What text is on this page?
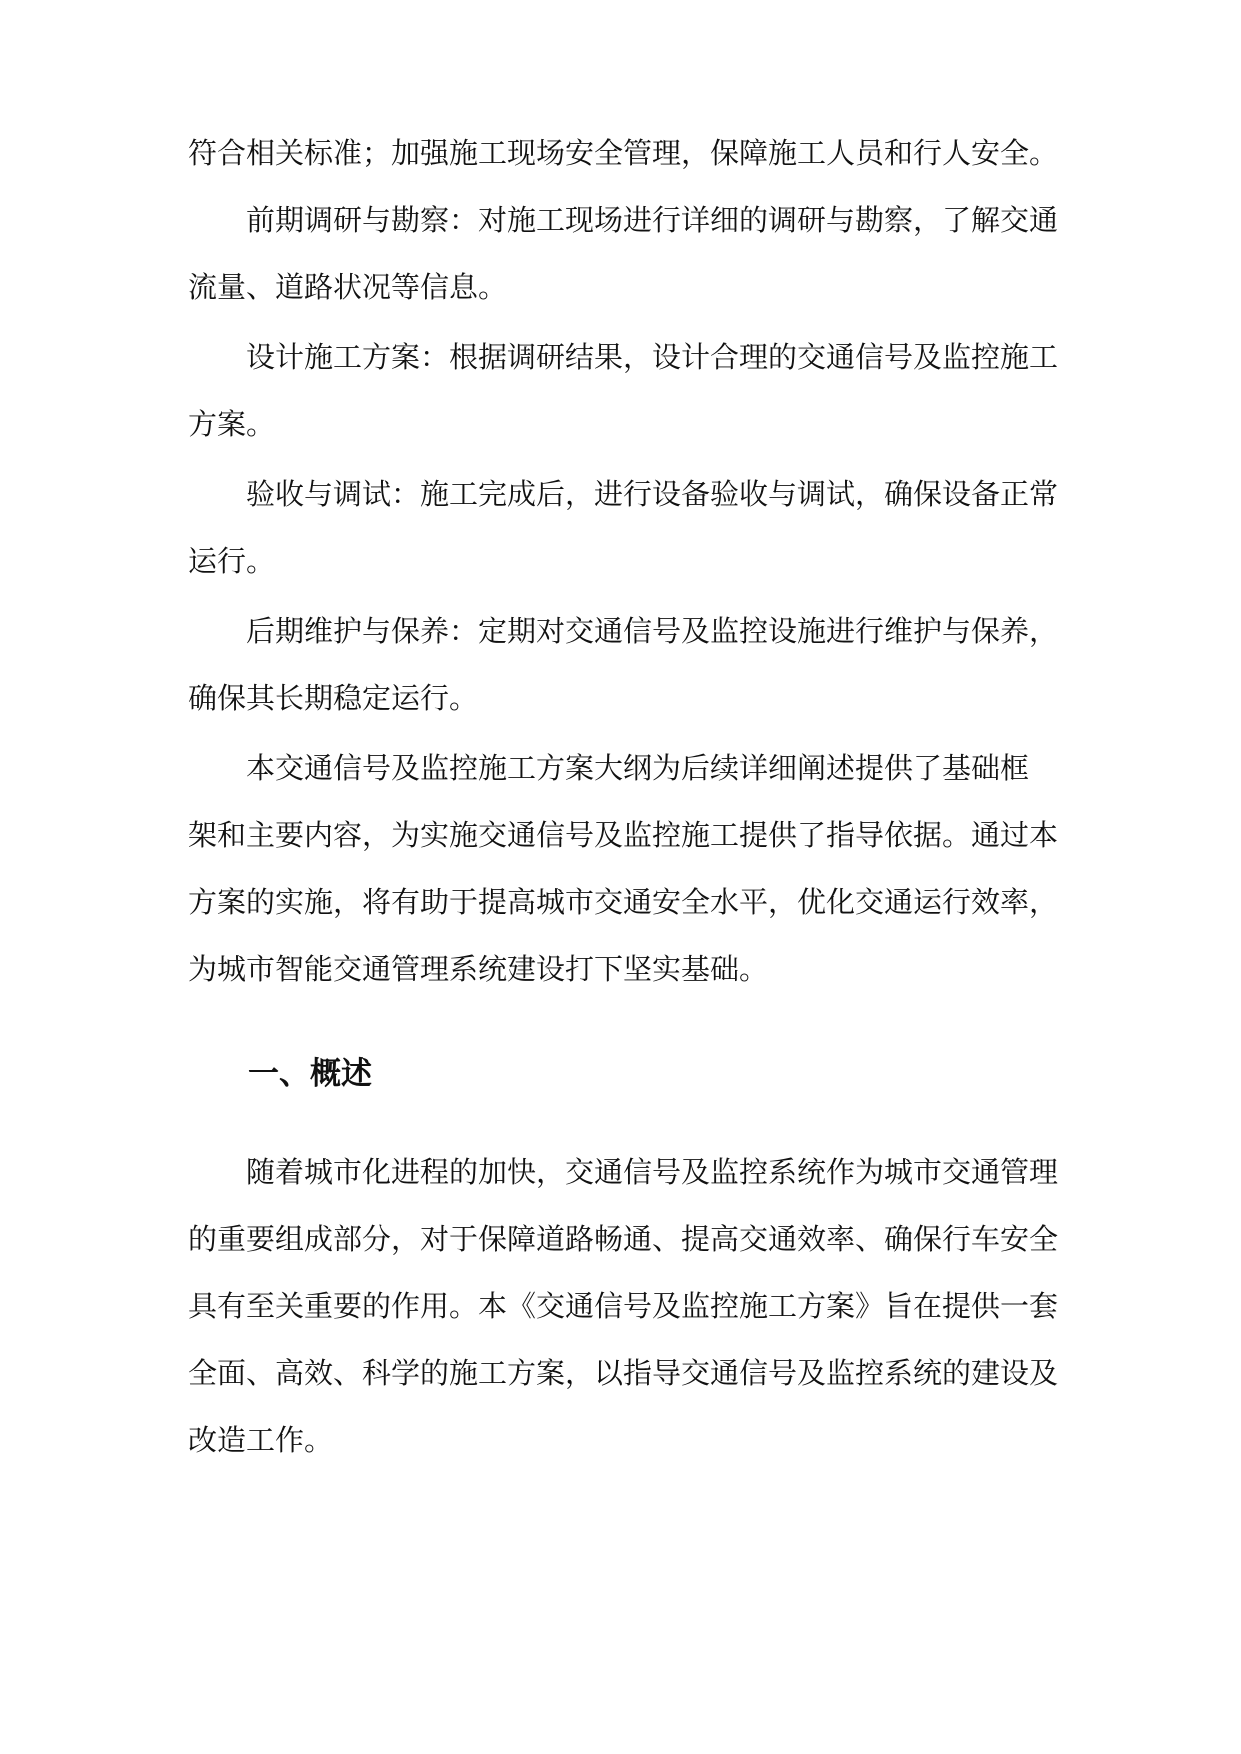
符合相关标准；加强施工现场安全管理，保障施工人员和行人安全。
前期调研与勘察：对施工现场进行详细的调研与勘察，了解交通
流量、道路状况等信息。
设计施工方案：根据调研结果，设计合理的交通信号及监控施工
方案。
验收与调试：施工完成后，进行设备验收与调试，确保设备正常
运行。
后期维护与保养：定期对交通信号及监控设施进行维护与保养，
确保其长期稳定运行。
本交通信号及监控施工方案大纲为后续详细阐述提供了基础框
架和主要内容，为实施交通信号及监控施工提供了指导依据。通过本
方案的实施，将有助于提高城市交通安全水平，优化交通运行效率，
为城市智能交通管理系统建设打下坚实基础。
一、概述
随着城市化进程的加快，交通信号及监控系统作为城市交通管理
的重要组成部分，对于保障道路畅通、提高交通效率、确保行车安全
具有至关重要的作用。本《交通信号及监控施工方案》旨在提供一套
全面、高效、科学的施工方案，以指导交通信号及监控系统的建设及
改造工作。
